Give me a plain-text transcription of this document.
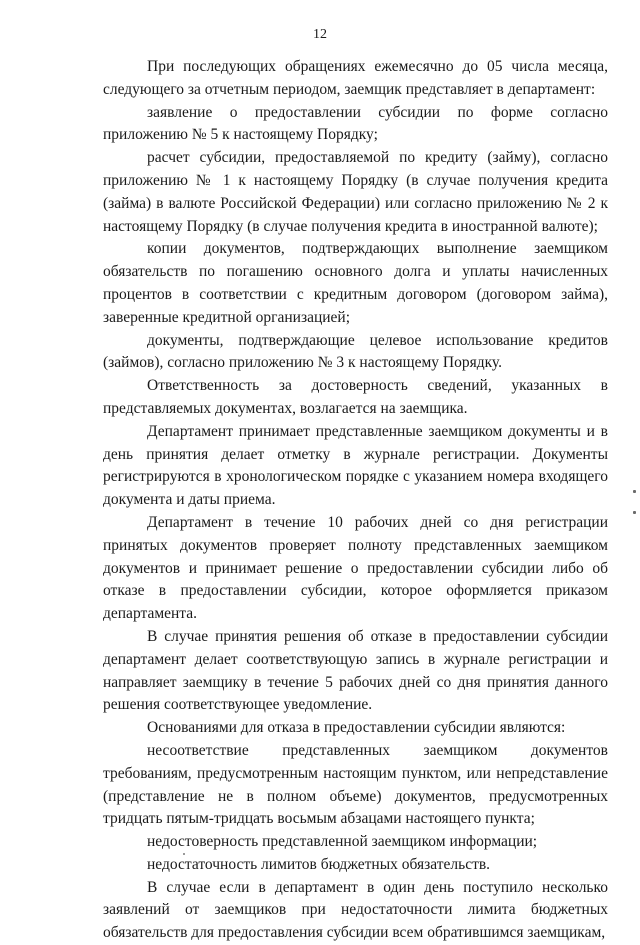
12

При последующих обращениях ежемесячно до 05 числа месяца, следующего за отчетным периодом, заемщик представляет в департамент:

заявление о предоставлении субсидии по форме согласно приложению № 5 к настоящему Порядку;

расчет субсидии, предоставляемой по кредиту (займу), согласно приложению № 1 к настоящему Порядку (в случае получения кредита (займа) в валюте Российской Федерации) или согласно приложению № 2 к настоящему Порядку (в случае получения кредита в иностранной валюте);

копии документов, подтверждающих выполнение заемщиком обязательств по погашению основного долга и уплаты начисленных процентов в соответствии с кредитным договором (договором займа), заверенные кредитной организацией;

документы, подтверждающие целевое использование кредитов (займов), согласно приложению № 3 к настоящему Порядку.

Ответственность за достоверность сведений, указанных в представляемых документах, возлагается на заемщика.

Департамент принимает представленные заемщиком документы и в день принятия делает отметку в журнале регистрации. Документы регистрируются в хронологическом порядке с указанием номера входящего документа и даты приема.

Департамент в течение 10 рабочих дней со дня регистрации принятых документов проверяет полноту представленных заемщиком документов и принимает решение о предоставлении субсидии либо об отказе в предоставлении субсидии, которое оформляется приказом департамента.

В случае принятия решения об отказе в предоставлении субсидии департамент делает соответствующую запись в журнале регистрации и направляет заемщику в течение 5 рабочих дней со дня принятия данного решения соответствующее уведомление.

Основаниями для отказа в предоставлении субсидии являются:

несоответствие представленных заемщиком документов требованиям, предусмотренным настоящим пунктом, или непредставление (представление не в полном объеме) документов, предусмотренных тридцать пятым-тридцать восьмым абзацами настоящего пункта;

недостоверность представленной заемщиком информации;

недостаточность лимитов бюджетных обязательств.

В случае если в департамент в один день поступило несколько заявлений от заемщиков при недостаточности лимита бюджетных обязательств для предоставления субсидии всем обратившимся заемщикам,
